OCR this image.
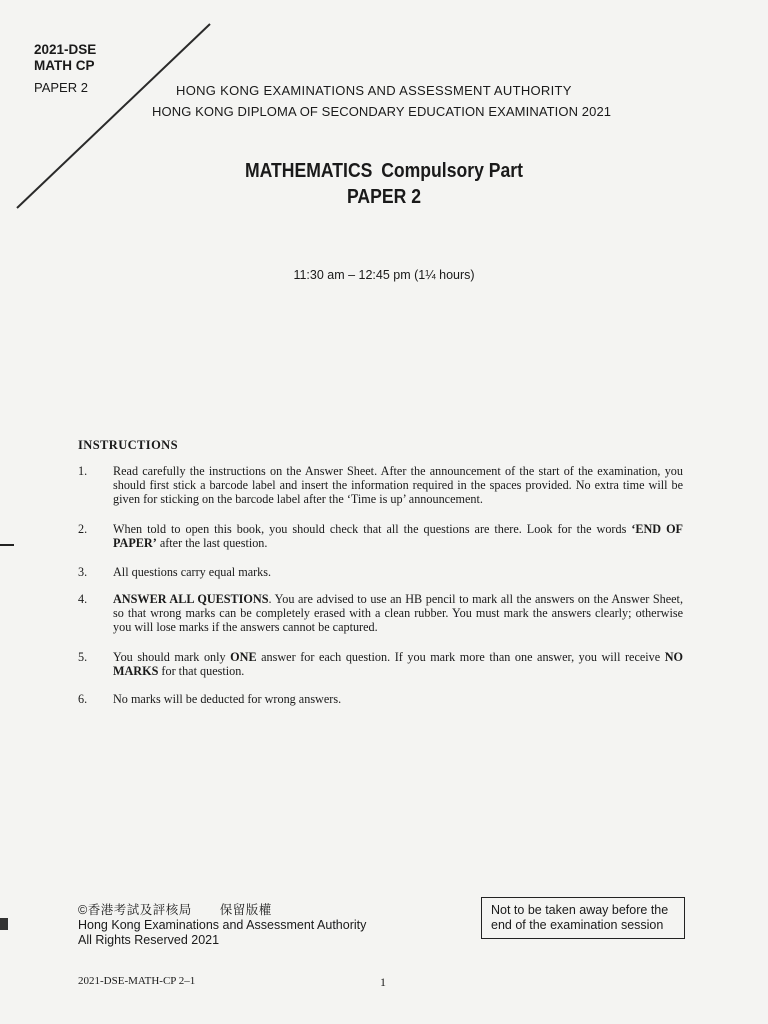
2021-DSE
MATH CP
PAPER 2	HONG KONG EXAMINATIONS AND ASSESSMENT AUTHORITY
HONG KONG DIPLOMA OF SECONDARY EDUCATION EXAMINATION 2021
MATHEMATICS Compulsory Part
PAPER 2
11:30 am – 12:45 pm (1¼ hours)
INSTRUCTIONS
1. Read carefully the instructions on the Answer Sheet. After the announcement of the start of the examination, you should first stick a barcode label and insert the information required in the spaces provided. No extra time will be given for sticking on the barcode label after the ‘Time is up’ announcement.
2. When told to open this book, you should check that all the questions are there. Look for the words ‘END OF PAPER’ after the last question.
3. All questions carry equal marks.
4. ANSWER ALL QUESTIONS. You are advised to use an HB pencil to mark all the answers on the Answer Sheet, so that wrong marks can be completely erased with a clean rubber. You must mark the answers clearly; otherwise you will lose marks if the answers cannot be captured.
5. You should mark only ONE answer for each question. If you mark more than one answer, you will receive NO MARKS for that question.
6. No marks will be deducted for wrong answers.
©香港考試及評核局 保留版權
Hong Kong Examinations and Assessment Authority
All Rights Reserved 2021
Not to be taken away before the
end of the examination session
2021-DSE-MATH-CP 2–1	1
